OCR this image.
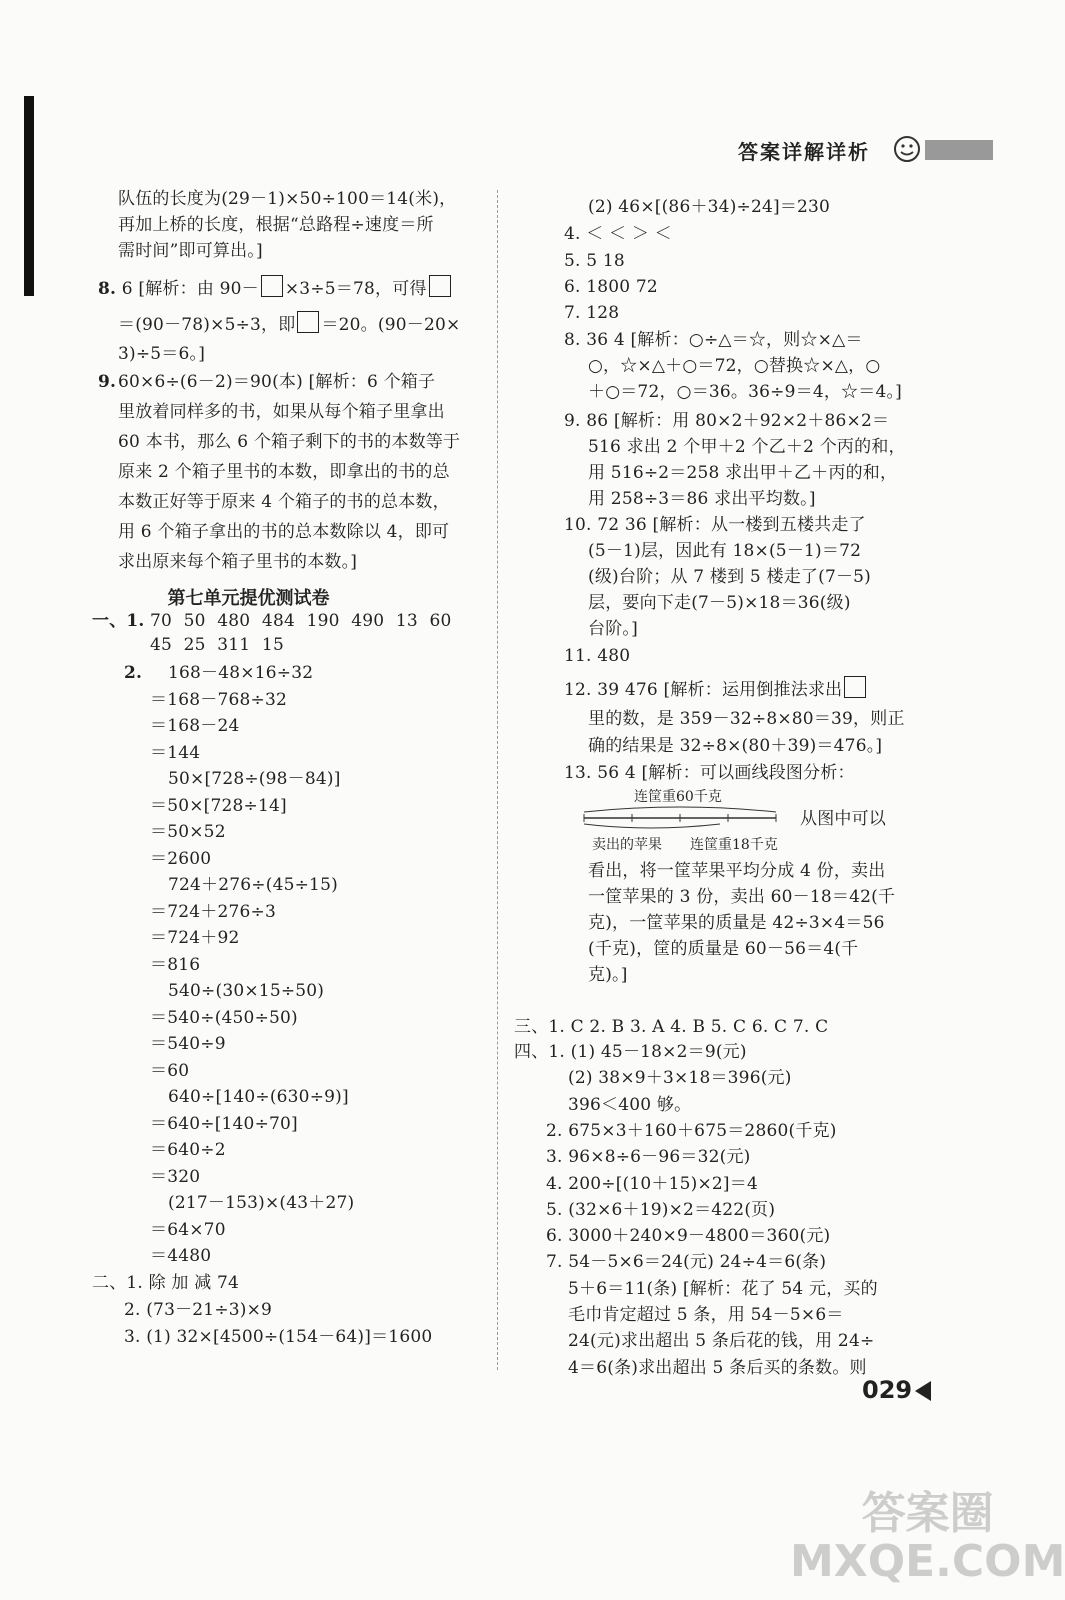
答案详解详析
队伍的长度为(29－1)×50÷100＝14(米)，
再加上桥的长度，根据“总路程÷速度＝所
需时间”即可算出。]
8. 6 [解析：由 90－ ×3÷5＝78，可得
＝(90－78)×5÷3，即 ＝20。(90－20×
3)÷5＝6。]
9. 60×6÷(6－2)＝90(本) [解析：6 个箱子
里放着同样多的书，如果从每个箱子里拿出
60 本书，那么 6 个箱子剩下的书的本数等于
原来 2 个箱子里书的本数，即拿出的书的总
本数正好等于原来 4 个箱子的书的总本数，
用 6 个箱子拿出的书的总本数除以 4，即可
求出原来每个箱子里书的本数。]
第七单元提优测试卷
一、1. 70 50 480 484 190 490 13 60
45 25 311 15
2. 168－48×16÷32
＝168－768÷32
＝168－24
＝144
50×[728÷(98－84)]
＝50×[728÷14]
＝50×52
＝2600
724＋276÷(45÷15)
＝724＋276÷3
＝724＋92
＝816
540÷(30×15÷50)
＝540÷(450÷50)
＝540÷9
＝60
640÷[140÷(630÷9)]
＝640÷[140÷70]
＝640÷2
＝320
(217－153)×(43＋27)
＝64×70
＝4480
二、1. 除 加 减 74
2. (73－21÷3)×9
3. (1) 32×[4500÷(154－64)]＝1600
(2) 46×[(86＋34)÷24]＝230
4. ＜ ＜ ＞ ＜
5. 5 18
6. 1800 72
7. 128
8. 36 4 [解析：○÷△＝☆，则☆×△＝
○，☆×△＋○＝72，○替换☆×△，○
＋○＝72，○＝36。36÷9＝4，☆＝4。]
9. 86 [解析：用 80×2＋92×2＋86×2＝
516 求出 2 个甲＋2 个乙＋2 个丙的和，
用 516÷2＝258 求出甲＋乙＋丙的和，
用 258÷3＝86 求出平均数。]
10. 72 36 [解析：从一楼到五楼共走了
(5－1)层，因此有 18×(5－1)＝72
(级)台阶；从 7 楼到 5 楼走了(7－5)
层，要向下走(7－5)×18＝36(级)
台阶。]
11. 480
12. 39 476 [解析：运用倒推法求出
里的数，是 359－32÷8×80＝39，则正
确的结果是 32÷8×(80＋39)＝476。]
13. 56 4 [解析：可以画线段图分析：
连筐重60千克
卖出的苹果 连筐重18千克
从图中可以
看出，将一筐苹果平均分成 4 份，卖出
一筐苹果的 3 份，卖出 60－18＝42(千
克)，一筐苹果的质量是 42÷3×4＝56
(千克)，筐的质量是 60－56＝4(千
克)。]
三、1. C 2. B 3. A 4. B 5. C 6. C 7. C
四、1. (1) 45－18×2＝9(元)
(2) 38×9＋3×18＝396(元)
396＜400 够。
2. 675×3＋160＋675＝2860(千克)
3. 96×8÷6－96＝32(元)
4. 200÷[(10＋15)×2]＝4
5. (32×6＋19)×2＝422(页)
6. 3000＋240×9－4800＝360(元)
7. 54－5×6＝24(元) 24÷4＝6(条)
5＋6＝11(条) [解析：花了 54 元，买的
毛巾肯定超过 5 条，用 54－5×6＝
24(元)求出超出 5 条后花的钱，用 24÷
4＝6(条)求出超出 5 条后买的条数。则
029
答案圈
MXQE.COM
